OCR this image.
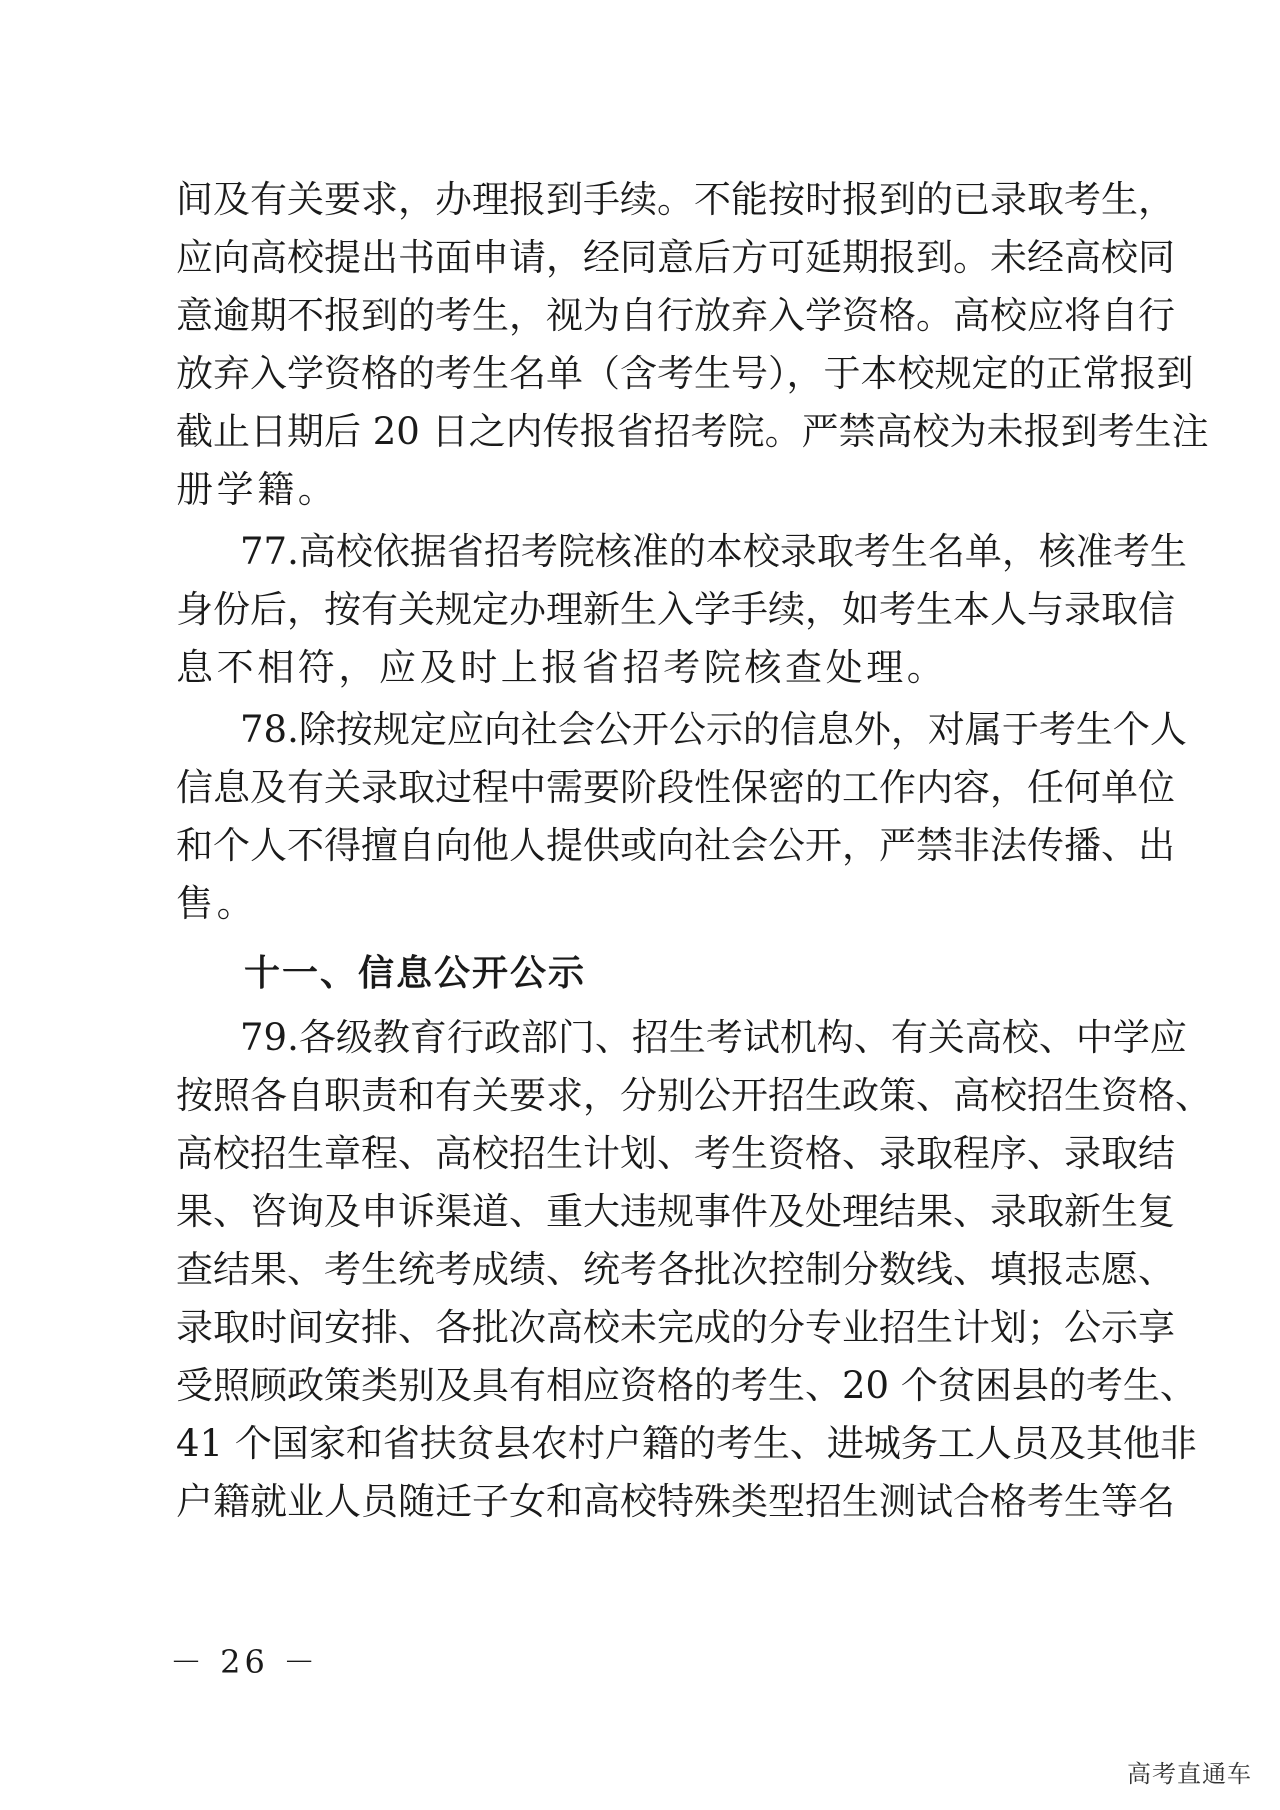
间及有关要求，办理报到手续。不能按时报到的已录取考生，
应向高校提出书面申请，经同意后方可延期报到。未经高校同
意逾期不报到的考生，视为自行放弃入学资格。高校应将自行
放弃入学资格的考生名单（含考生号），于本校规定的正常报到
截止日期后 20 日之内传报省招考院。严禁高校为未报到考生注
册学籍。
77.高校依据省招考院核准的本校录取考生名单，核准考生
身份后，按有关规定办理新生入学手续，如考生本人与录取信
息不相符，应及时上报省招考院核查处理。
78.除按规定应向社会公开公示的信息外，对属于考生个人
信息及有关录取过程中需要阶段性保密的工作内容，任何单位
和个人不得擅自向他人提供或向社会公开，严禁非法传播、出
售。
十一、信息公开公示
79.各级教育行政部门、招生考试机构、有关高校、中学应
按照各自职责和有关要求，分别公开招生政策、高校招生资格、
高校招生章程、高校招生计划、考生资格、录取程序、录取结
果、咨询及申诉渠道、重大违规事件及处理结果、录取新生复
查结果、考生统考成绩、统考各批次控制分数线、填报志愿、
录取时间安排、各批次高校未完成的分专业招生计划；公示享
受照顾政策类别及具有相应资格的考生、20 个贫困县的考生、
41 个国家和省扶贫县农村户籍的考生、进城务工人员及其他非
户籍就业人员随迁子女和高校特殊类型招生测试合格考生等名
－ 26 －
高考直通车
